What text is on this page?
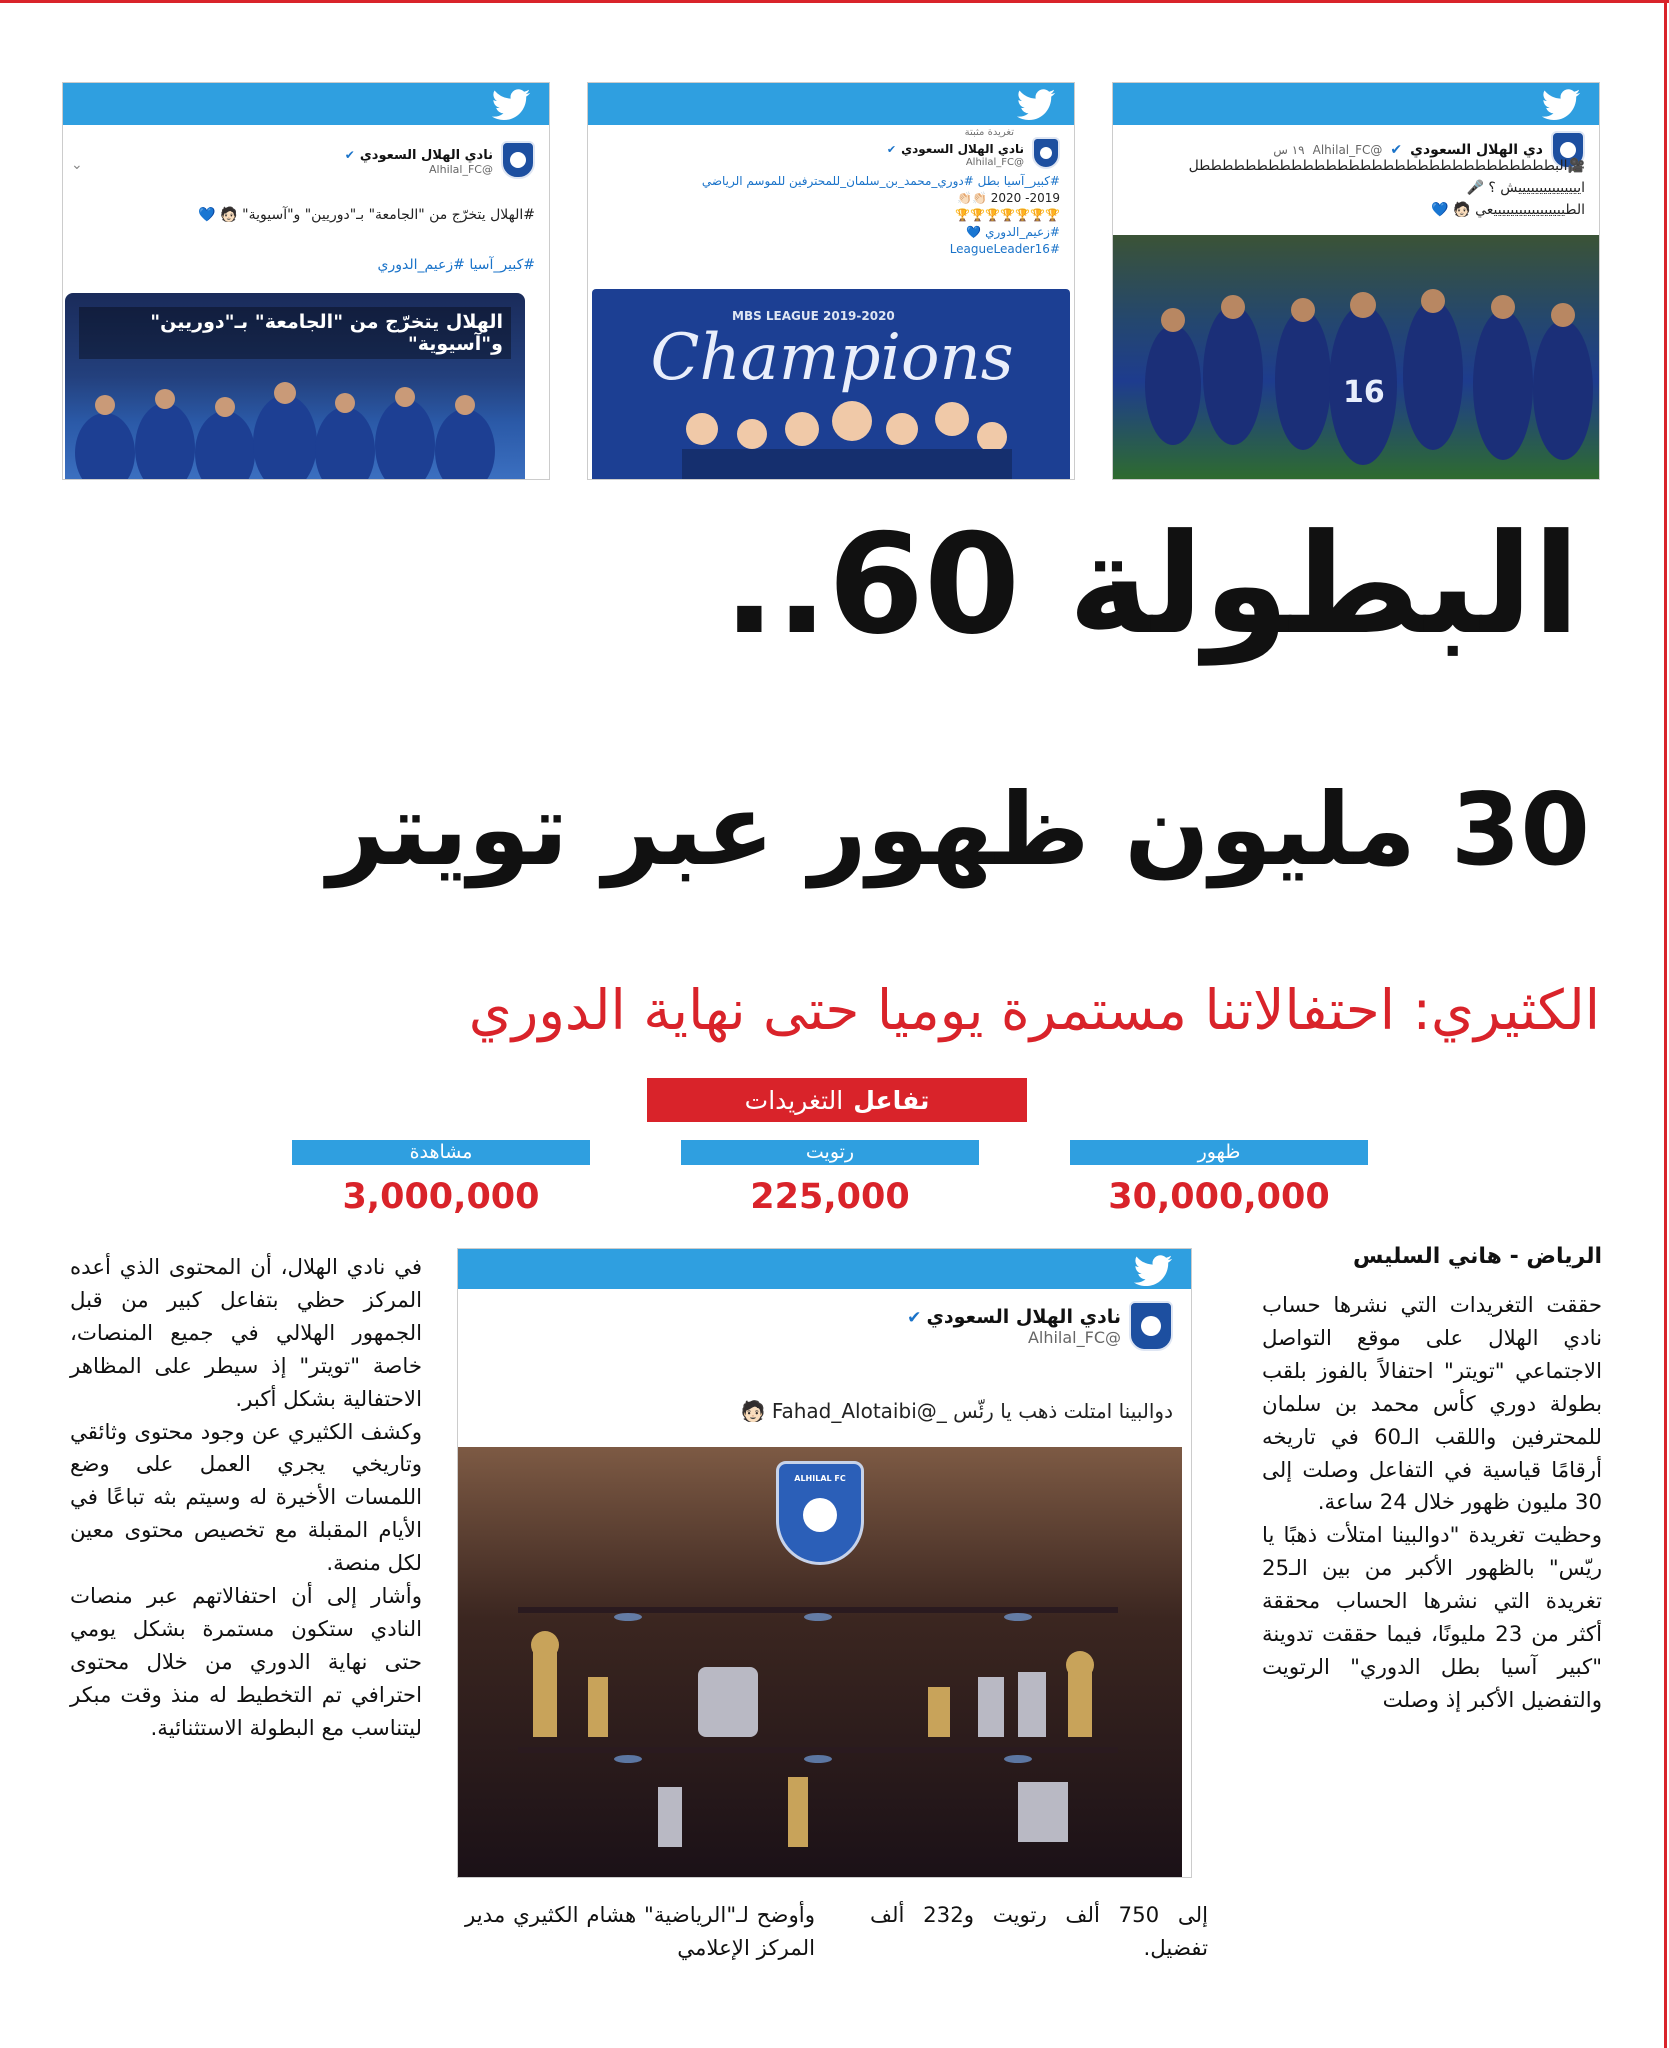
دي الهلال السعودي
✔
@Alhilal_FC
١٩ س
🎥البطططططططططططططططططططططططططططططططل
ايييييييييييييييش ؟ 🎤
الطيييييييييييييييييعي 🧑🏻 💙
16
تغريدة مثبتة
نادي الهلال السعودي ✔
@Alhilal_FC
#كبير_آسيا بطل #دوري_محمد_بن_سلمان_للمحترفين للموسم الرياضي
2019- 2020 👏🏻👏🏻
🏆🏆🏆🏆🏆🏆🏆
#زعيم_الدوري 💙
#LeagueLeader16
MBS LEAGUE 2019-2020
Champions
⌄
نادي الهلال السعودي ✔
@Alhilal_FC
#الهلال يتخرّج من "الجامعة" بـ"دوريين" و"آسيوية" 🧑🏻 💙
#كبير_آسيا #زعيم_الدوري
الهلال يتخرّج من "الجامعة" بـ"دوريين" و"آسيوية"
البطولة 60..
30 مليون ظهور عبر تويتر
الكثيري: احتفالاتنا مستمرة يوميا حتى نهاية الدوري
تفاعل
التغريدات
ظهور
30,000,000
رتويت
225,000
مشاهدة
3,000,000
نادي الهلال السعودي ✔
@Alhilal_FC
دوالبينا امتلت ذهب يا رئّس _@Fahad_Alotaibi 🧑🏻
ALHILAL FC
الرياض - هاني السليس

حققت التغريدات التي نشرها حساب نادي الهلال على موقع التواصل الاجتماعي "تويتر" احتفالاً بالفوز بلقب بطولة دوري كأس محمد بن سلمان للمحترفين واللقب الـ60 في تاريخه أرقامًا قياسية في التفاعل وصلت إلى 30 مليون ظهور خلال 24 ساعة.

وحظيت تغريدة "دوالبينا امتلأت ذهبًا يا ريّس" بالظهور الأكبر من بين الـ25 تغريدة التي نشرها الحساب محققة أكثر من 23 مليونًا، فيما حققت تدوينة "كبير آسيا بطل الدوري" الرتويت والتفضيل الأكبر إذ وصلت

إلى 750 ألف رتويت و232 ألف تفضيل.

وأوضح لـ"الرياضية" هشام الكثيري مدير المركز الإعلامي

في نادي الهلال، أن المحتوى الذي أعده المركز حظي بتفاعل كبير من قبل الجمهور الهلالي في جميع المنصات، خاصة "تويتر" إذ سيطر على المظاهر الاحتفالية بشكل أكبر.

وكشف الكثيري عن وجود محتوى وثائقي وتاريخي يجري العمل على وضع اللمسات الأخيرة له وسيتم بثه تباعًا في الأيام المقبلة مع تخصيص محتوى معين لكل منصة.

وأشار إلى أن احتفالاتهم عبر منصات النادي ستكون مستمرة بشكل يومي حتى نهاية الدوري من خلال محتوى احترافي تم التخطيط له منذ وقت مبكر ليتناسب مع البطولة الاستثنائية.
